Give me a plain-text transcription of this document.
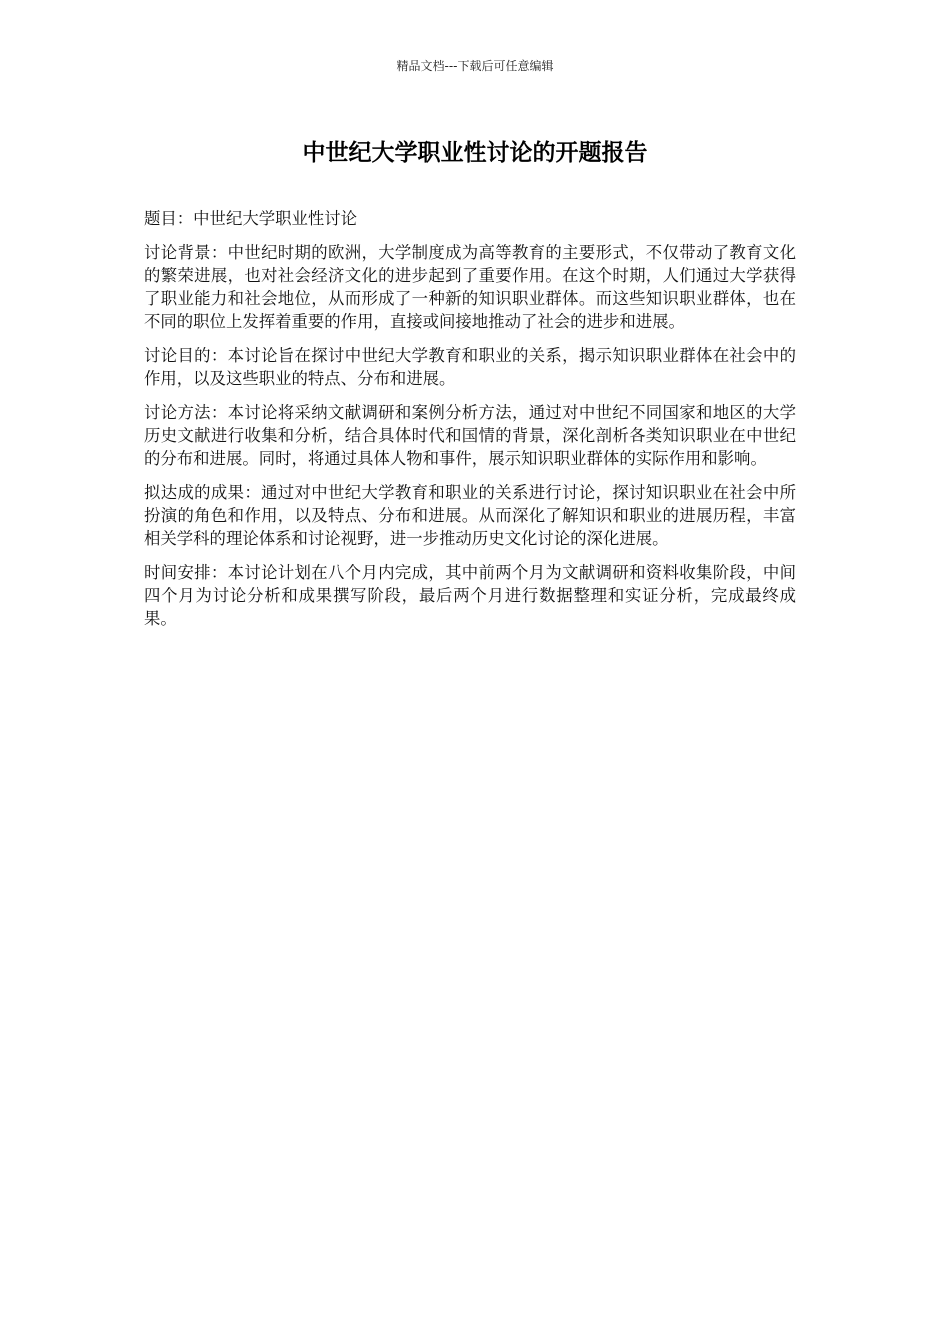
精品文档---下载后可任意编辑
中世纪大学职业性讨论的开题报告

题目：中世纪大学职业性讨论

讨论背景：中世纪时期的欧洲，大学制度成为高等教育的主要形式，不仅带动了教育文化的繁荣进展，也对社会经济文化的进步起到了重要作用。在这个时期，人们通过大学获得了职业能力和社会地位，从而形成了一种新的知识职业群体。而这些知识职业群体，也在不同的职位上发挥着重要的作用，直接或间接地推动了社会的进步和进展。

讨论目的：本讨论旨在探讨中世纪大学教育和职业的关系，揭示知识职业群体在社会中的作用，以及这些职业的特点、分布和进展。

讨论方法：本讨论将采纳文献调研和案例分析方法，通过对中世纪不同国家和地区的大学历史文献进行收集和分析，结合具体时代和国情的背景，深化剖析各类知识职业在中世纪的分布和进展。同时，将通过具体人物和事件，展示知识职业群体的实际作用和影响。

拟达成的成果：通过对中世纪大学教育和职业的关系进行讨论，探讨知识职业在社会中所扮演的角色和作用，以及特点、分布和进展。从而深化了解知识和职业的进展历程，丰富相关学科的理论体系和讨论视野，进一步推动历史文化讨论的深化进展。

时间安排：本讨论计划在八个月内完成，其中前两个月为文献调研和资料收集阶段，中间四个月为讨论分析和成果撰写阶段，最后两个月进行数据整理和实证分析，完成最终成果。
